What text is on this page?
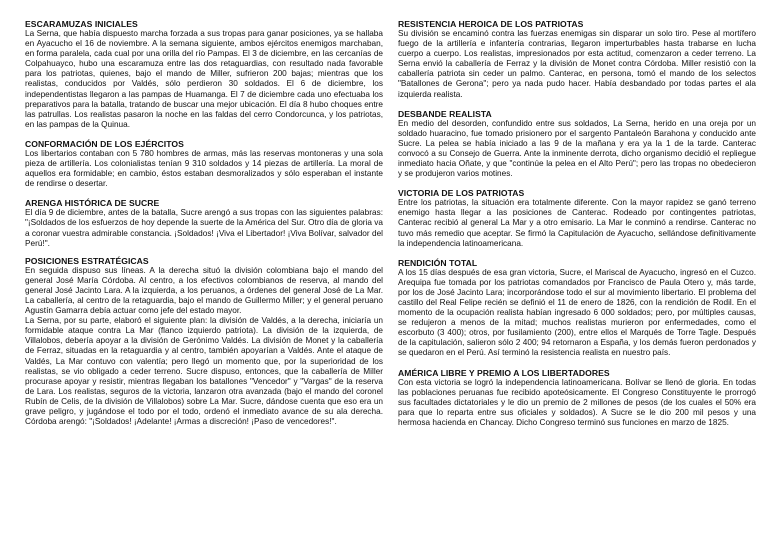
ESCARAMUZAS INICIALES

La Serna, que había dispuesto marcha forzada a sus tropas para ganar posiciones, ya se hallaba en Ayacucho el 16 de noviembre. A la semana siguiente, ambos ejércitos enemigos marchaban, en forma paralela, cada cual por una orilla del río Pampas. El 3 de diciembre, en las cercanías de Colpahuayco, hubo una escaramuza entre las dos retaguardias, con resultado nada favorable para los patriotas, quienes, bajo el mando de Miller, sufrieron 200 bajas; mientras que los realistas, conducidos por Valdés, sólo perdieron 30 soldados. El 6 de diciembre, los independentistas llegaron a las pampas de Huamanga. El 7 de diciembre cada uno efectuaba los preparativos para la batalla, tratando de buscar una mejor ubicación. El día 8 hubo choques entre las patrullas. Los realistas pasaron la noche en las faldas del cerro Condorcunca, y los patriotas, en las pampas de la Quinua.

CONFORMACIÓN DE LOS EJÉRCITOS

Los libertarios contaban con 5 780 hombres de armas, más las reservas montoneras y una sola pieza de artillería. Los colonialistas tenían 9 310 soldados y 14 piezas de artillería. La moral de aquellos era formidable; en cambio, éstos estaban desmoralizados y sólo esperaban el instante de rendirse o desertar.

ARENGA HISTÓRICA DE SUCRE

El día 9 de diciembre, antes de la batalla, Sucre arengó a sus tropas con las siguientes palabras: "¡Soldados de los esfuerzos de hoy depende la suerte de la América del Sur. Otro día de gloria va a coronar vuestra admirable constancia. ¡Soldados! ¡Viva el Libertador! ¡Viva Bolívar, salvador del Perú!".

POSICIONES ESTRATÉGICAS

En seguida dispuso sus líneas. A la derecha situó la división colombiana bajo el mando del general José María Córdoba. Al centro, a los efectivos colombianos de reserva, al mando del general José Jacinto Lara. A la izquierda, a los peruanos, a órdenes del general José de La Mar. La caballería, al centro de la retaguardia, bajo el mando de Guillermo Miller; y el general peruano Agustín Gamarra debía actuar como jefe del estado mayor.

La Serna, por su parte, elaboró el siguiente plan: la división de Valdés, a la derecha, iniciaría un formidable ataque contra La Mar (flanco izquierdo patriota). La división de la izquierda, de Villalobos, debería apoyar a la división de Gerónimo Valdés. La división de Monet y la caballería de Ferraz, situadas en la retaguardia y al centro, también apoyarían a Valdés. Ante el ataque de Valdés, La Mar contuvo con valentía; pero llegó un momento que, por la superioridad de los realistas, se vio obligado a ceder terreno. Sucre dispuso, entonces, que la caballería de Miller procurase apoyar y resistir, mientras llegaban los batallones "Vencedor" y "Vargas" de la reserva de Lara. Los realistas, seguros de la victoria, lanzaron otra avanzada (bajo el mando del coronel Rubín de Celis, de la división de Villalobos) sobre La Mar. Sucre, dándose cuenta que eso era un grave peligro, y jugándose el todo por el todo, ordenó el inmediato avance de su ala derecha. Córdoba arengó: "¡Soldados! ¡Adelante! ¡Armas a discreción! ¡Paso de vencedores!".

RESISTENCIA HEROICA DE LOS PATRIOTAS

Su división se encaminó contra las fuerzas enemigas sin disparar un solo tiro. Pese al mortífero fuego de la artillería e infantería contrarias, llegaron imperturbables hasta trabarse en lucha cuerpo a cuerpo. Los realistas, impresionados por esta actitud, comenzaron a ceder terreno. La Serna envió la caballería de Ferraz y la división de Monet contra Córdoba. Miller resistió con la caballería patriota sin ceder un palmo. Canterac, en persona, tomó el mando de los selectos "Batallones de Gerona"; pero ya nada pudo hacer. Había desbandado por todas partes el ala izquierda realista.

DESBANDE REALISTA

En medio del desorden, confundido entre sus soldados, La Serna, herido en una oreja por un soldado huaracino, fue tomado prisionero por el sargento Pantaleón Barahona y conducido ante Sucre. La pelea se había iniciado a las 9 de la mañana y era ya la 1 de la tarde. Canterac convocó a su Consejo de Guerra. Ante la inminente derrota, dicho organismo decidió el repliegue inmediato hacia Oñate, y que "continúe la pelea en el Alto Perú"; pero las tropas no obedecieron y se produjeron varios motines.

VICTORIA DE LOS PATRIOTAS

Entre los patriotas, la situación era totalmente diferente. Con la mayor rapidez se ganó terreno enemigo hasta llegar a las posiciones de Canterac. Rodeado por contingentes patriotas, Canterac recibió al general La Mar y a otro emisario. La Mar le conminó a rendirse. Canterac no tuvo más remedio que aceptar. Se firmó la Capitulación de Ayacucho, sellándose definitivamente la independencia latinoamericana.

RENDICIÓN TOTAL

A los 15 días después de esa gran victoria, Sucre, el Mariscal de Ayacucho, ingresó en el Cuzco. Arequipa fue tomada por los patriotas comandados por Francisco de Paula Otero y, más tarde, por los de José Jacinto Lara; incorporándose todo el sur al movimiento libertario. El problema del castillo del Real Felipe recién se definió el 11 de enero de 1826, con la rendición de Rodil. En el momento de la ocupación realista habían ingresado 6 000 soldados; pero, por múltiples causas, se redujeron a menos de la mitad; muchos realistas murieron por enfermedades, como el escorbuto (3 400); otros, por fusilamiento (200), entre ellos el Marqués de Torre Tagle. Después de la capitulación, salieron sólo 2 400; 94 retornaron a España, y los demás fueron perdonados y se quedaron en el Perú. Así terminó la resistencia realista en nuestro país.

AMÉRICA LIBRE Y PREMIO A LOS LIBERTADORES

Con esta victoria se logró la independencia latinoamericana. Bolívar se llenó de gloria. En todas las poblaciones peruanas fue recibido apoteósicamente. El Congreso Constituyente le prorrogó sus facultades dictatoriales y le dio un premio de 2 millones de pesos (de los cuales el 50% era para que lo reparta entre sus oficiales y soldados). A Sucre se le dio 200 mil pesos y una hermosa hacienda en Chancay. Dicho Congreso terminó sus funciones en marzo de 1825.
